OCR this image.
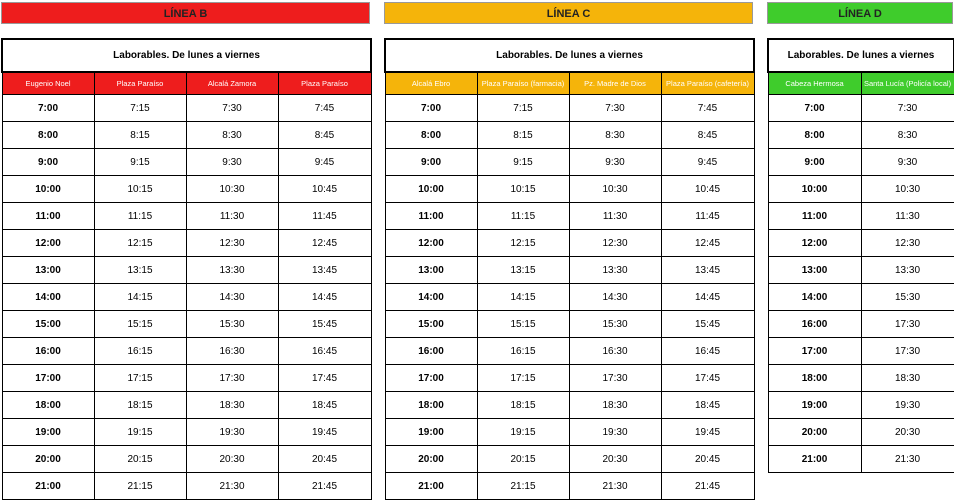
LÍNEA B	LÍNEA C	LÍNEA D
Laborables. De lunes a viernes			
Eugenio Noel	Plaza Paraíso	Alcalá Zamora	Plaza Paraíso
7:00	7:15	7:30	7:45
8:00	8:15	8:30	8:45
9:00	9:15	9:30	9:45
10:00	10:15	10:30	10:45
11:00	11:15	11:30	11:45
12:00	12:15	12:30	12:45
13:00	13:15	13:30	13:45
14:00	14:15	14:30	14:45
15:00	15:15	15:30	15:45
16:00	16:15	16:30	16:45
17:00	17:15	17:30	17:45
18:00	18:15	18:30	18:45
19:00	19:15	19:30	19:45
20:00	20:15	20:30	20:45
21:00	21:15	21:30	21:45
Laborables. De lunes a viernes			
Alcalá Ebro	Plaza Paraíso (farmacia)	Pz. Madre de Dios	Plaza Paraíso (cafetería)
7:00	7:15	7:30	7:45
8:00	8:15	8:30	8:45
9:00	9:15	9:30	9:45
10:00	10:15	10:30	10:45
11:00	11:15	11:30	11:45
12:00	12:15	12:30	12:45
13:00	13:15	13:30	13:45
14:00	14:15	14:30	14:45
15:00	15:15	15:30	15:45
16:00	16:15	16:30	16:45
17:00	17:15	17:30	17:45
18:00	18:15	18:30	18:45
19:00	19:15	19:30	19:45
20:00	20:15	20:30	20:45
21:00	21:15	21:30	21:45
Laborables. De lunes a viernes	
Cabeza Hermosa	Santa Lucía (Policía local)
7:00	7:30
8:00	8:30
9:00	9:30
10:00	10:30
11:00	11:30
12:00	12:30
13:00	13:30
14:00	15:30
16:00	17:30
17:00	17:30
18:00	18:30
19:00	19:30
20:00	20:30
21:00	21:30
